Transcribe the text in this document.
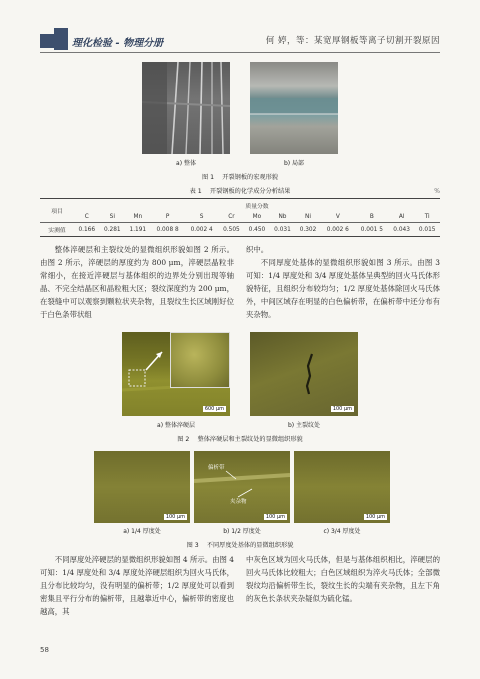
理化检验 - 物理分册	何 婷，等：某宽厚钢板等离子切割开裂原因
a) 整体	b) 局部
图 1 　开裂钢板的宏观形貌
表 1 　开裂钢板的化学成分分析结果	%
项目	质量分数												
	C	Si	Mn	P	S	Cr	Mo	Nb	Ni	V	B	Al	Ti
实测值	0.166	0.281	1.191	0.008 8	0.002 4	0.505	0.450	0.031	0.302	0.002 6	0.001 5	0.043	0.015

整体淬硬层和主裂纹处的显微组织形貌如图 2 所示。由图 2 所示，淬硬层的厚度约为 800 μm，淬硬层晶粒非常细小，在接近淬硬层与基体组织的边界处分别出现等轴晶、不完全结晶区和晶粒粗大区；裂纹深度约为 200 μm，在裂缝中可以观察到颗粒状夹杂物，且裂纹生长区域刚好位于白色条带状组

织中。

不同厚度处基体的显微组织形貌如图 3 所示。由图 3 可知：1/4 厚度处和 3/4 厚度处基体呈典型的回火马氏体形貌特征，且组织分布较均匀；1/2 厚度处基体除回火马氏体外，中间区域存在明显的白色偏析带，在偏析带中还分布有夹杂物。

600 μm	100 μm
a) 整体淬硬层	b) 主裂纹处
图 2 　整体淬硬层和主裂纹处的显微组织形貌
100 μm
偏析带
夹杂物
100 μm	100 μm
a) 1/4 厚度处	b) 1/2 厚度处	c) 3/4 厚度处
图 3 　不同厚度处基体的显微组织形貌

不同厚度处淬硬层的显微组织形貌如图 4 所示。由图 4 可知：1/4 厚度处和 3/4 厚度处淬硬层组织为回火马氏体，且分布比较均匀，没有明显的偏析带；1/2 厚度处可以看到密集且平行分布的偏析带，且越靠近中心，偏析带的密度也越高，其

中灰色区域为回火马氏体，但是与基体组织相比，淬硬层的回火马氏体比较粗大；白色区域组织为淬火马氏体；全部微裂纹均沿偏析带生长，裂纹生长的尖端有夹杂物，且左下角的灰色长条状夹杂疑似为硫化锰。
58
